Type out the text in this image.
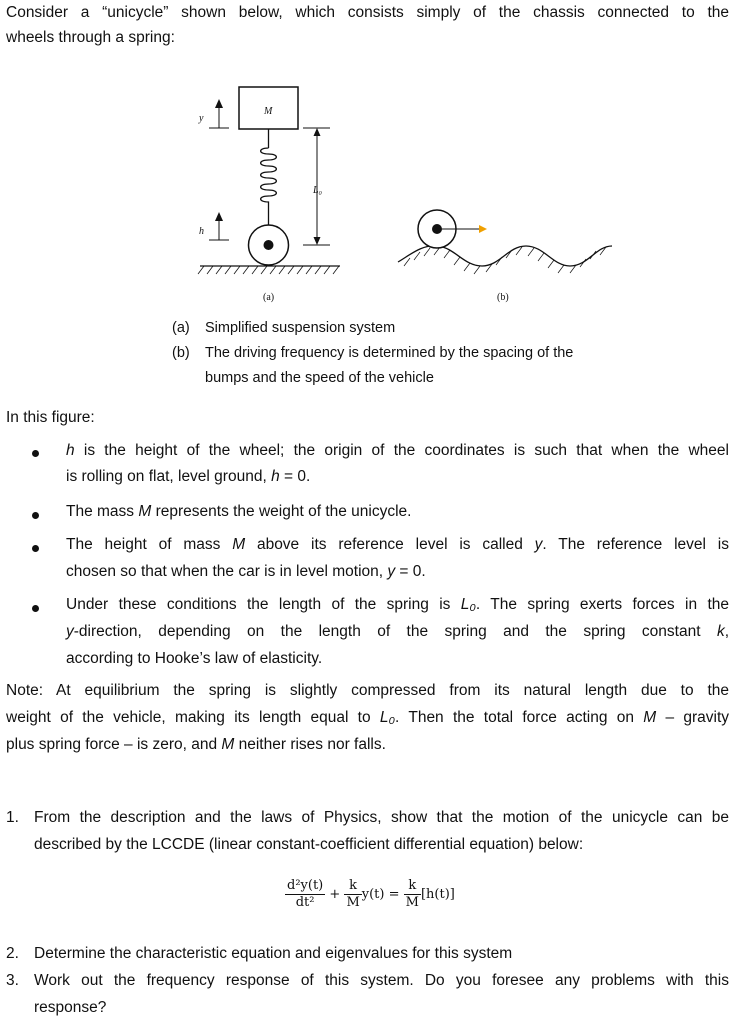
Consider a “unicycle” shown below, which consists simply of the chassis connected to the
wheels through a spring:
M
y
h
L₀
(a)	(b)
(a) Simplified suspension system
(b) The driving frequency is determined by the spacing of the
bumps and the speed of the vehicle
In this figure:
h is the height of the wheel; the origin of the coordinates is such that when the wheel
is rolling on flat, level ground, h = 0.
The mass M represents the weight of the unicycle.
The height of mass M above its reference level is called y. The reference level is
chosen so that when the car is in level motion, y = 0.
Under these conditions the length of the spring is L₀. The spring exerts forces in the
y-direction, depending on the length of the spring and the spring constant k,
according to Hooke’s law of elasticity.
Note: At equilibrium the spring is slightly compressed from its natural length due to the
weight of the vehicle, making its length equal to L₀. Then the total force acting on M – gravity
plus spring force – is zero, and M neither rises nor falls.
1. From the description and the laws of Physics, show that the motion of the unicycle can be
described by the LCCDE (linear constant-coefficient differential equation) below:
$\frac{\text{d²y(t)}}{\text{dt²}} + \frac{k}{M} y(t) = \frac{k}{M} [h(t)]$
2. Determine the characteristic equation and eigenvalues for this system
3. Work out the frequency response of this system. Do you foresee any problems with this
response?
